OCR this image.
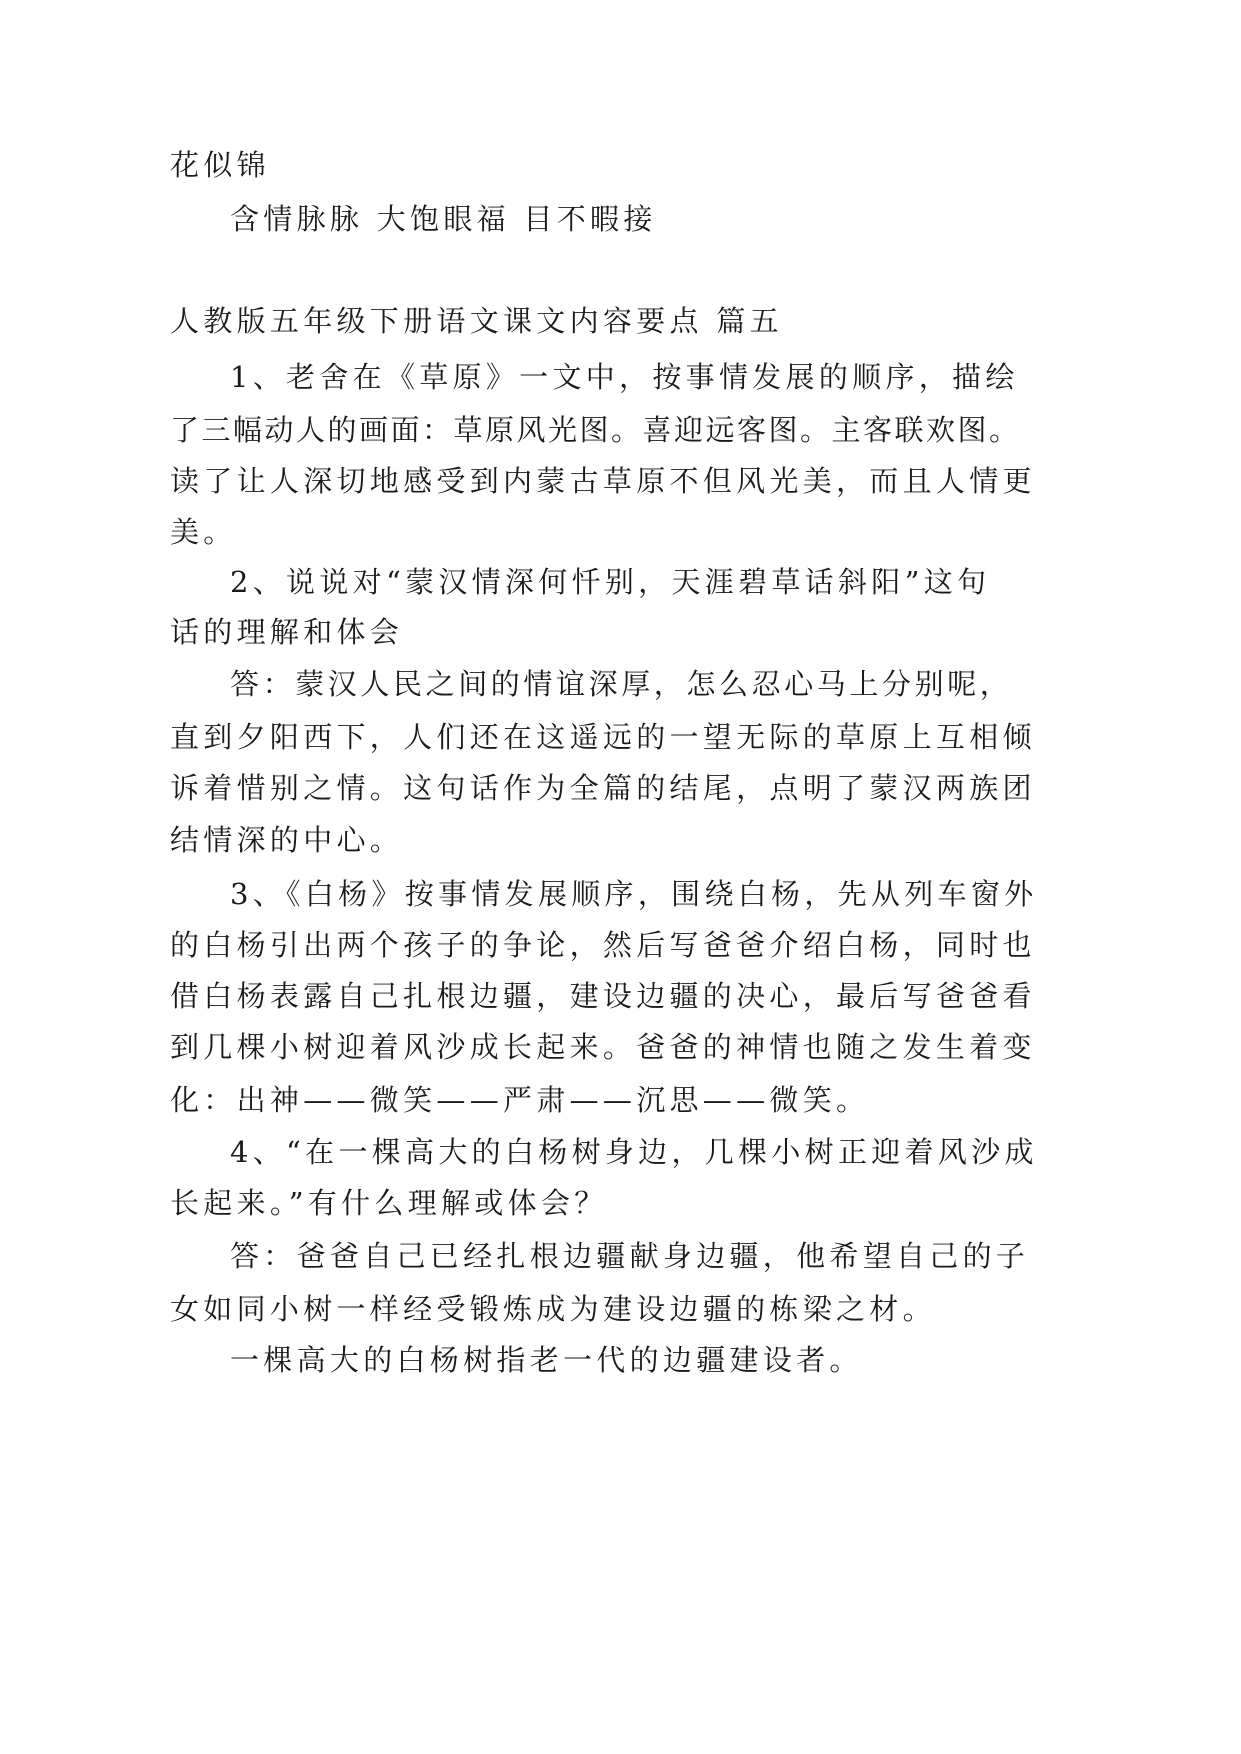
花似锦
含情脉脉 大饱眼福 目不暇接
人教版五年级下册语文课文内容要点 篇五
1、老舍在《草原》一文中，按事情发展的顺序，描绘
了三幅动人的画面：草原风光图。喜迎远客图。主客联欢图。
读了让人深切地感受到内蒙古草原不但风光美，而且人情更
美。
2、说说对“蒙汉情深何忏别，天涯碧草话斜阳”这句
话的理解和体会
答：蒙汉人民之间的情谊深厚，怎么忍心马上分别呢，
直到夕阳西下，人们还在这遥远的一望无际的草原上互相倾
诉着惜别之情。这句话作为全篇的结尾，点明了蒙汉两族团
结情深的中心。
3、《白杨》按事情发展顺序，围绕白杨，先从列车窗外
的白杨引出两个孩子的争论，然后写爸爸介绍白杨，同时也
借白杨表露自己扎根边疆，建设边疆的决心，最后写爸爸看
到几棵小树迎着风沙成长起来。爸爸的神情也随之发生着变
化：出神——微笑——严肃——沉思——微笑。
4、“在一棵高大的白杨树身边，几棵小树正迎着风沙成
长起来。”有什么理解或体会？
答：爸爸自己已经扎根边疆献身边疆，他希望自己的子
女如同小树一样经受锻炼成为建设边疆的栋梁之材。
一棵高大的白杨树指老一代的边疆建设者。
